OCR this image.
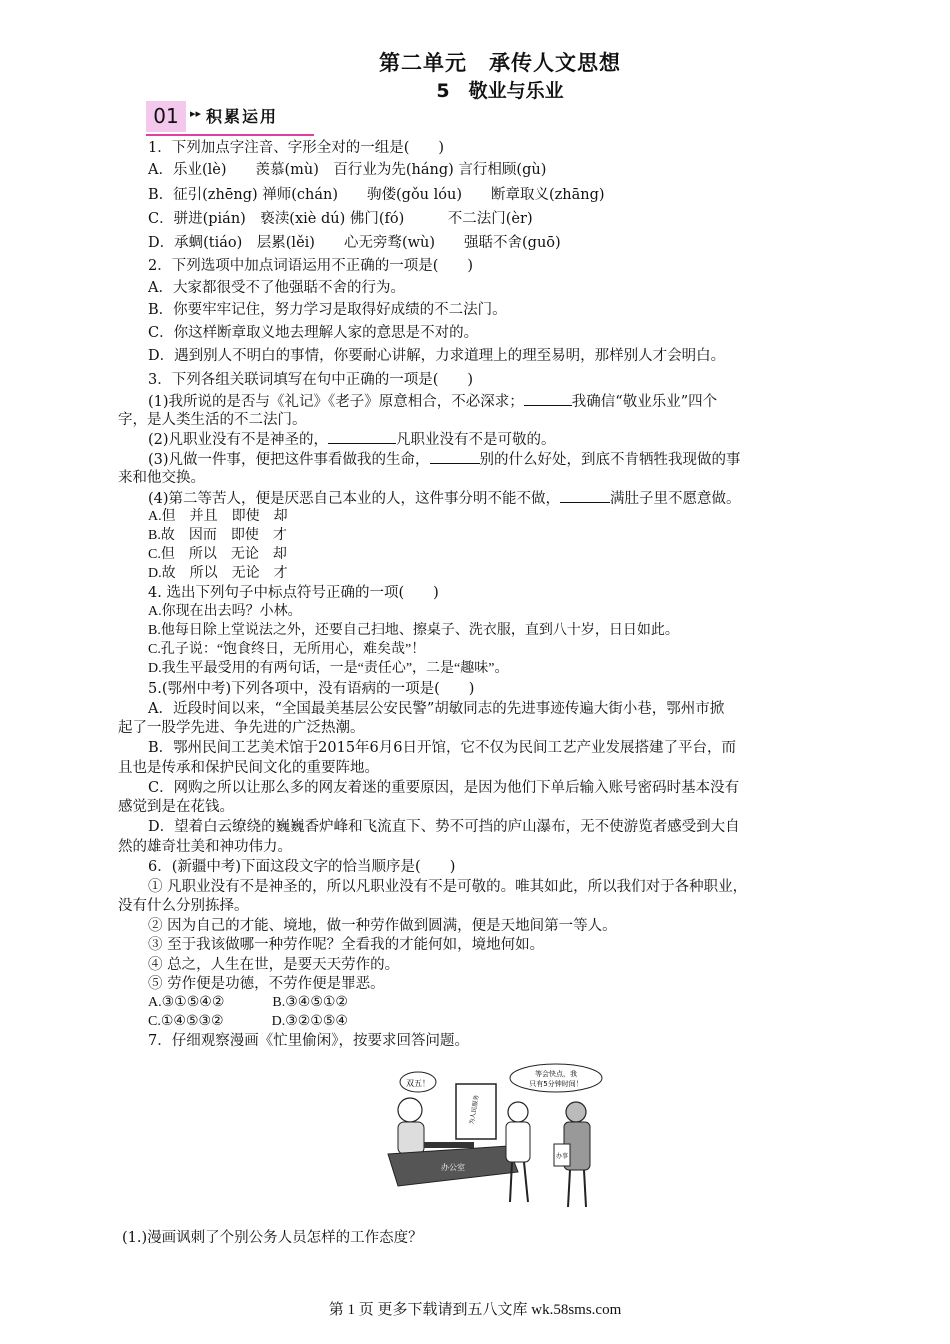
第二单元　承传人文思想
5　敬业与乐业
01	▸▸ 积累运用
1．下列加点字注音、字形全对的一组是(　　)
A．乐业(lè)　　羡慕(mù)　百行业为先(háng) 言行相顾(gù)
B．征引(zhēng) 禅师(chán)　　驹偻(gǒu lóu)　　断章取义(zhāng)
C．骈进(pián)　亵渎(xiè dú) 佛门(fó)　　　不二法门(èr)
D．承蜩(tiáo)　层累(lěi)　　心无旁骛(wù)　　强聒不舍(guō)
2．下列选项中加点词语运用不正确的一项是(　　)
A．大家都很受不了他强聒不舍的行为。
B．你要牢牢记住，努力学习是取得好成绩的不二法门。
C．你这样断章取义地去理解人家的意思是不对的。
D．遇到别人不明白的事情，你要耐心讲解，力求道理上的理至易明，那样别人才会明白。
3．下列各组关联词填写在句中正确的一项是(　　)
(1)我所说的是否与《礼记》《老子》原意相合，不必深求；	我确信“敬业乐业”四个
字，是人类生活的不二法门。
(2)凡职业没有不是神圣的，	凡职业没有不是可敬的。
(3)凡做一件事，便把这件事看做我的生命，	别的什么好处，到底不肯牺牲我现做的事
来和他交换。
(4)第二等苦人，便是厌恶自己本业的人，这件事分明不能不做，	满肚子里不愿意做。
A.但　并且　即使　却
B.故　因而　即使　才
C.但　所以　无论　却
D.故　所以　无论　才
4. 选出下列句子中标点符号正确的一项(　　)
A.你现在出去吗？小林。
B.他每日除上堂说法之外，还要自己扫地、擦桌子、洗衣服，直到八十岁，日日如此。
C.孔子说：“饱食终日，无所用心，难矣哉”！
D.我生平最受用的有两句话，一是“责任心”，二是“趣味”。
5.(鄂州中考)下列各项中，没有语病的一项是(　　)
A．近段时间以来，“全国最美基层公安民警”胡敏同志的先进事迹传遍大街小巷，鄂州市掀
起了一股学先进、争先进的广泛热潮。
B．鄂州民间工艺美术馆于2015年6月6日开馆，它不仅为民间工艺产业发展搭建了平台，而
且也是传承和保护民间文化的重要阵地。
C．网购之所以让那么多的网友着迷的重要原因，是因为他们下单后输入账号密码时基本没有
感觉到是在花钱。
D．望着白云缭绕的巍巍香炉峰和飞流直下、势不可挡的庐山瀑布，无不使游览者感受到大自
然的雄奇壮美和神功伟力。
6．(新疆中考)下面这段文字的恰当顺序是(　　)
① 凡职业没有不是神圣的，所以凡职业没有不是可敬的。唯其如此，所以我们对于各种职业，
没有什么分别拣择。
② 因为自己的才能、境地，做一种劳作做到圆满，便是天地间第一等人。
③ 至于我该做哪一种劳作呢？全看我的才能何如，境地何如。
④ 总之，人生在世，是要天天劳作的。
⑤ 劳作便是功德，不劳作便是罪恶。
A.③①⑤④②	B.③④⑤①②
C.①④⑤③②	D.③②①⑤④
7．仔细观察漫画《忙里偷闲》，按要求回答问题。
双五！
等会快点，我
只有5分钟时间！
为人民服务
办公室
办事
(1.)漫画讽刺了个别公务人员怎样的工作态度？
第 1 页 更多下载请到五八文库 wk.58sms.com
